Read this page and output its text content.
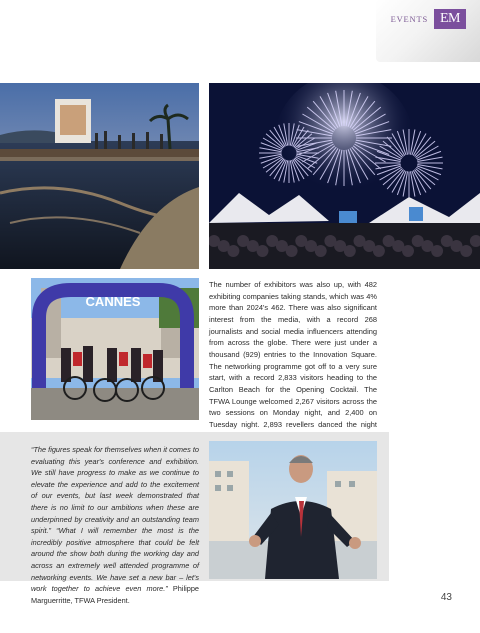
EVENTS EM
CANNES

The number of exhibitors was also up, with 482 exhibiting companies taking stands, which was 4% more than 2024's 462. There was also significant interest from the media, with a record 268 journalists and social media influencers attending from across the globe. There were just under a thousand (929) entries to the Innovation Square. The networking programme got off to a very sure start, with a record 2,833 visitors heading to the Carlton Beach for the Opening Cocktail. The TFWA Lounge welcomed 2,267 visitors across the two sessions on Monday night, and 2,400 on Tuesday night. 2,893 revellers danced the night

“The figures speak for themselves when it comes to evaluating this year's conference and exhibition. We still have progress to make as we continue to elevate the experience and add to the excitement of our events, but last week demonstrated that there is no limit to our ambitions when these are underpinned by creativity and an outstanding team spirit.” “What I will remember the most is the incredibly positive atmosphere that could be felt around the show both during the working day and across an extremely well attended programme of networking events. We have set a new bar – let's work together to achieve even more.” Philippe Marguerritte, TFWA President.	43
